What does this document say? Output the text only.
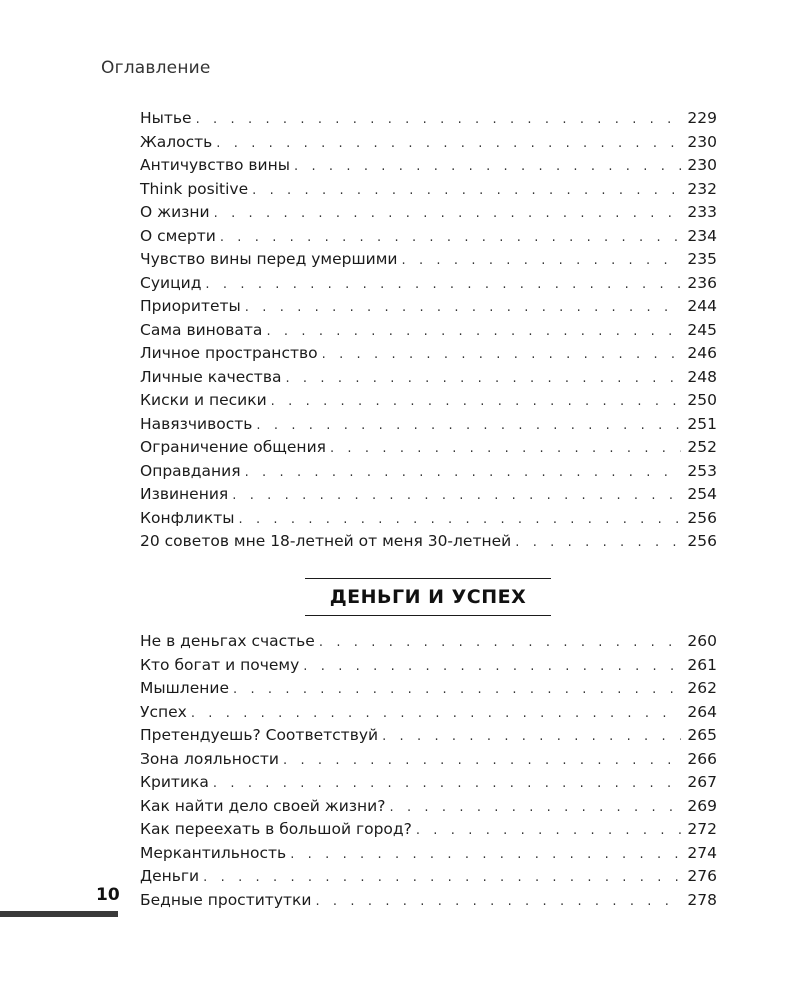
Оглавление
Нытье . . .	229
Жалость . . .	230
Античувство вины . . .	230
Think positive . . .	232
О жизни . . .	233
О смерти . . .	234
Чувство вины перед умершими . . .	235
Суицид . . .	236
Приоритеты . . .	244
Сама виновата . . .	245
Личное пространство . . .	246
Личные качества . . .	248
Киски и песики . . .	250
Навязчивость . . .	251
Ограничение общения . . .	252
Оправдания . . .	253
Извинения . . .	254
Конфликты . . .	256
20 советов мне 18-летней от меня 30-летней . . .	256
ДЕНЬГИ И УСПЕХ
Не в деньгах счастье . . .	260
Кто богат и почему . . .	261
Мышление . . .	262
Успех . . .	264
Претендуешь? Соответствуй . . .	265
Зона лояльности . . .	266
Критика . . .	267
Как найти дело своей жизни? . . .	269
Как переехать в большой город? . . .	272
Меркантильность . . .	274
Деньги . . .	276
Бедные проститутки . . .	278
10
